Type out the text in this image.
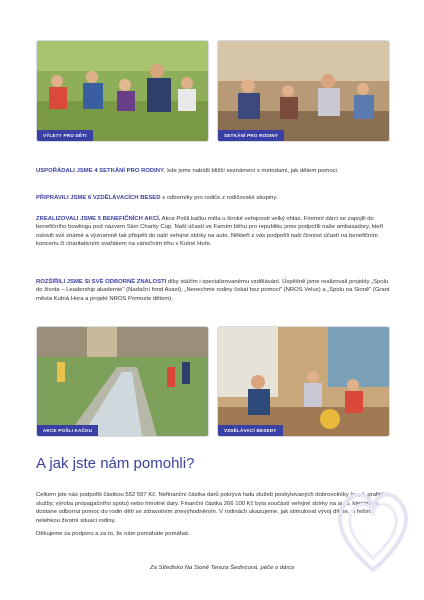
VÝLETY PRO DĚTI	SETKÁNÍ PRO RODINY
USPOŘÁDALI JSME 4 SETKÁNÍ PRO RODINY, kde jsme nabídli bližší seznámení s metodami, jak dětem pomoci.
PŘIPRAVILI JSME 6 VZDĚLÁVACÍCH BESED s odborníky pro rodiče z rodičovské skupiny.
ZREALIZOVALI JSME 5 BENEFIČNÍCH AKCÍ. Akce Pošli kačku měla u široké veřejnosti velký ohlas. Firemní dárci se zapojili do benefičního bowlingu pod názvem Sion Charity Cup. Naší účastí ve Farním běhu pro republiku jsme podpořili naše ambasadory, kteří oslovili své známé a významně tak přispěli do naší veřejné sbírky na auto. Někteří z vás podpořili naši činnost účastí na benefičním koncertu či charitativním svařákem na vánočním trhu v Kutné Hoře.
ROZŠÍŘILI JSME SI SVÉ ODBORNÉ ZNALOSTI díky stážím i specializovanému vzdělávání. Úspěšně jsme realizovali projekty „Spolu do života – Leadership akademie" (Nadační fond Avast), „Nenechme rodiny čekat bez pomoci" (NROS Velux) a „Spolu na Sioně" (Grant města Kutná Hora a projekt NROS Pomozte dětem).
AKCE POŠLI KAČKU	VZDĚLÁVACÍ BESEDY
A jak jste nám pomohli?
Celkem jste nás podpořili částkou 552 597 Kč. Nefinanční částka darů pokrývá řadu služeb poskytovaných dobrovolníky (např. grafické služby, výroba propagačního spotu) nebo hmotné dary. Finanční částka 266 100 Kč byla součástí veřejné sbírky na auto, kterým se dostane odborná pomoc do rodin dětí se zdravotním znevýhodněním. V rodinách ukazujeme, jak stimulovat vývoj dítěte, či řešíme nelehkou životní situaci rodiny.
Děkujeme za podporu a za to, že nám pomáháte pomáhat.
Za Středisko Na Sioně Tereza Šedivcová, péče o dárce
